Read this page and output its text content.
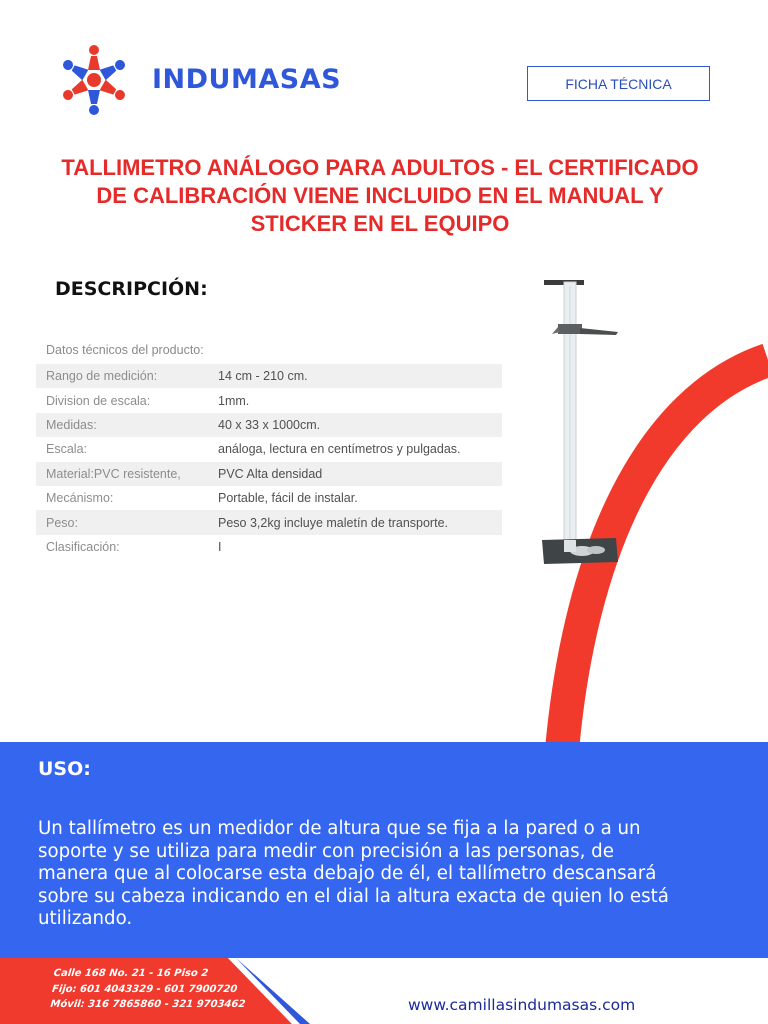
INDUMASAS	FICHA TÉCNICA
TALLIMETRO ANÁLOGO PARA ADULTOS - EL CERTIFICADO
DE CALIBRACIÓN VIENE INCLUIDO EN EL MANUAL Y
STICKER EN EL EQUIPO
DESCRIPCIÓN:
Datos técnicos del producto:
Rango de medición:	14 cm - 210 cm.
Division de escala:	1mm.
Medidas:	40 x 33 x 1000cm.
Escala:	análoga, lectura en centímetros y pulgadas.
Material:PVC resistente,	PVC Alta densidad
Mecánismo:	Portable, fácil de instalar.
Peso:	Peso 3,2kg incluye maletín de transporte.
Clasificación:	I
USO:
Un tallímetro es un medidor de altura que se fija a la pared o a un
soporte y se utiliza para medir con precisión a las personas, de
manera que al colocarse esta debajo de él, el tallímetro descansará
sobre su cabeza indicando en el dial la altura exacta de quien lo está
utilizando.
Calle 168 No. 21 - 16 Piso 2
Fijo: 601 4043329 - 601 7900720
Móvil: 316 7865860 - 321 9703462	www.camillasindumasas.com
